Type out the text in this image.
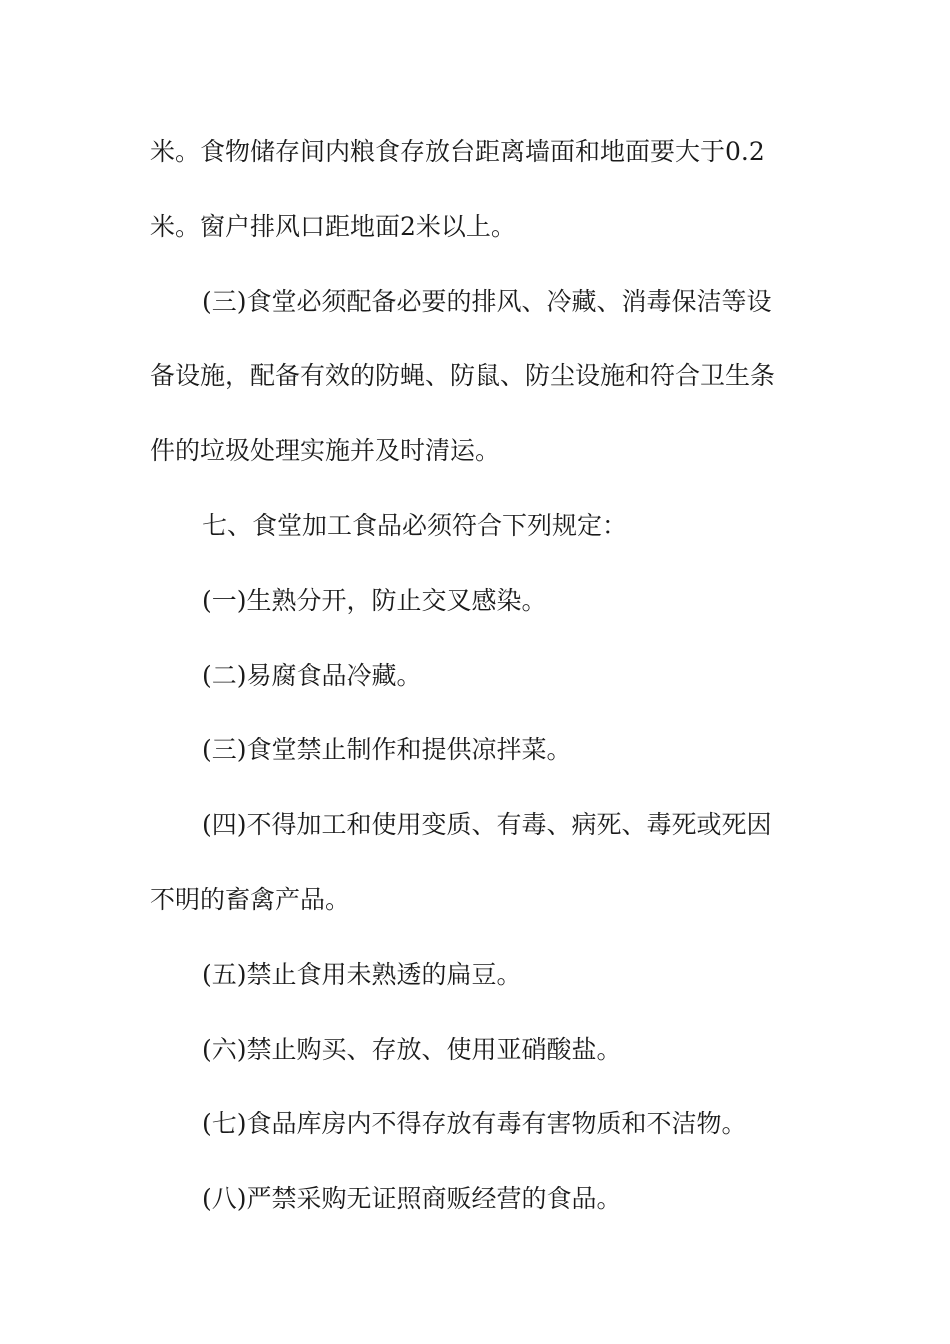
米。食物储存间内粮食存放台距离墙面和地面要大于0.2
米。窗户排风口距地面2米以上。
(三)食堂必须配备必要的排风、冷藏、消毒保洁等设
备设施，配备有效的防蝇、防鼠、防尘设施和符合卫生条
件的垃圾处理实施并及时清运。
七、食堂加工食品必须符合下列规定：
(一)生熟分开，防止交叉感染。
(二)易腐食品冷藏。
(三)食堂禁止制作和提供凉拌菜。
(四)不得加工和使用变质、有毒、病死、毒死或死因
不明的畜禽产品。
(五)禁止食用未熟透的扁豆。
(六)禁止购买、存放、使用亚硝酸盐。
(七)食品库房内不得存放有毒有害物质和不洁物。
(八)严禁采购无证照商贩经营的食品。
